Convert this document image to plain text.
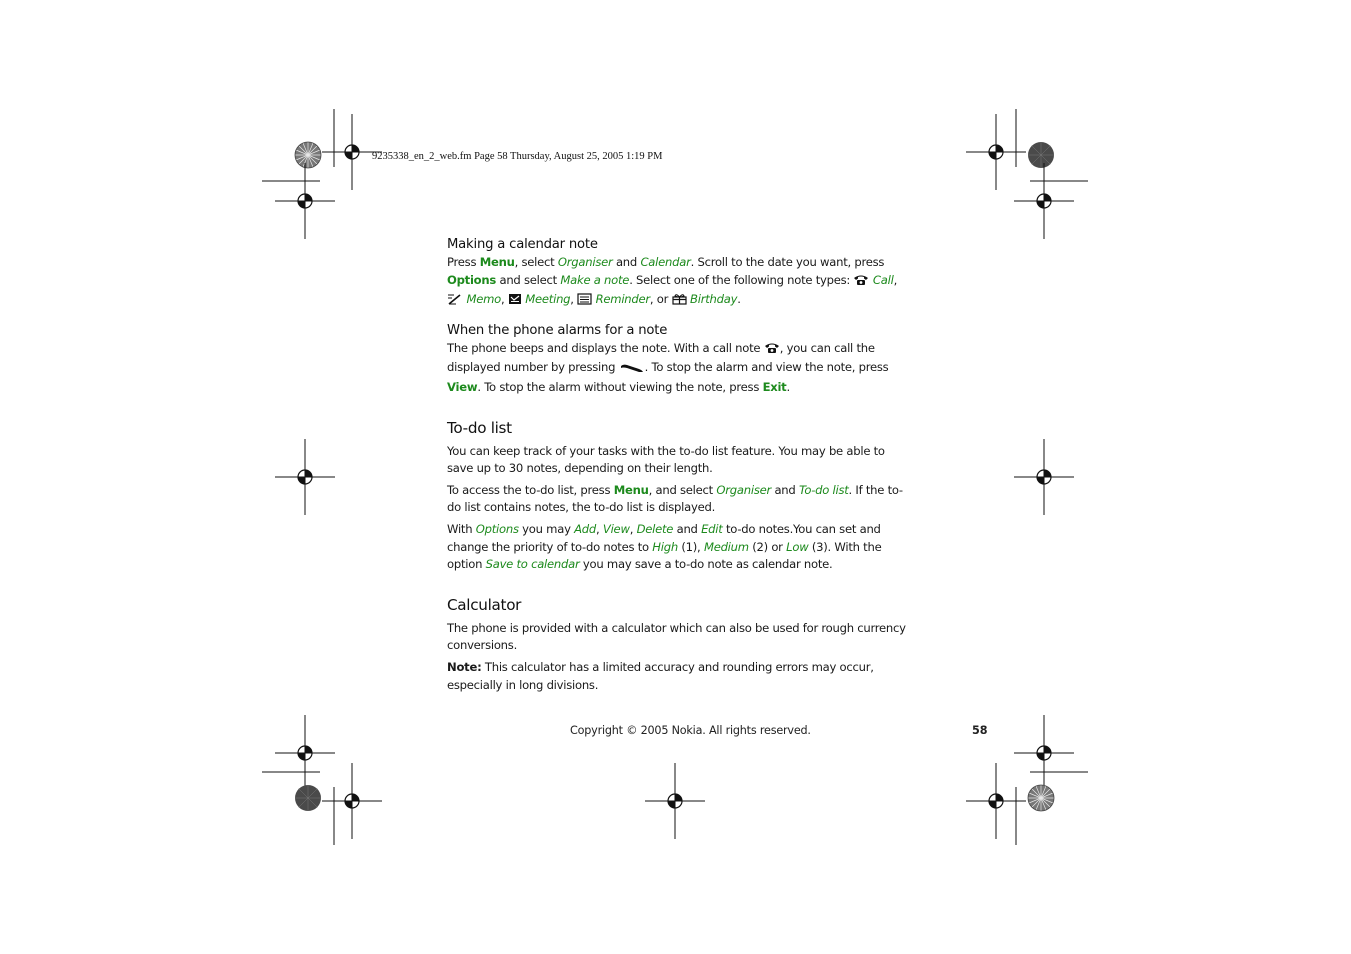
9235338_en_2_web.fm Page 58 Thursday, August 25, 2005 1:19 PM
Making a calendar note

Press Menu, select Organiser and Calendar. Scroll to the date you want, press
Options and select Make a note. Select one of the following note types:  Call,
Memo,  Meeting,  Reminder, or  Birthday.

When the phone alarms for a note

The phone beeps and displays the note. With a call note , you can call the
displayed number by pressing . To stop the alarm and view the note, press
View. To stop the alarm without viewing the note, press Exit.

To-do list

You can keep track of your tasks with the to-do list feature. You may be able to
save up to 30 notes, depending on their length.

To access the to-do list, press Menu, and select Organiser and To-do list. If the to-
do list contains notes, the to-do list is displayed.

With Options you may Add, View, Delete and Edit to-do notes.You can set and
change the priority of to-do notes to High (1), Medium (2) or Low (3). With the
option Save to calendar you may save a to-do note as calendar note.

Calculator

The phone is provided with a calculator which can also be used for rough currency
conversions.

Note: This calculator has a limited accuracy and rounding errors may occur,
especially in long divisions.

Copyright © 2005 Nokia. All rights reserved.	58
